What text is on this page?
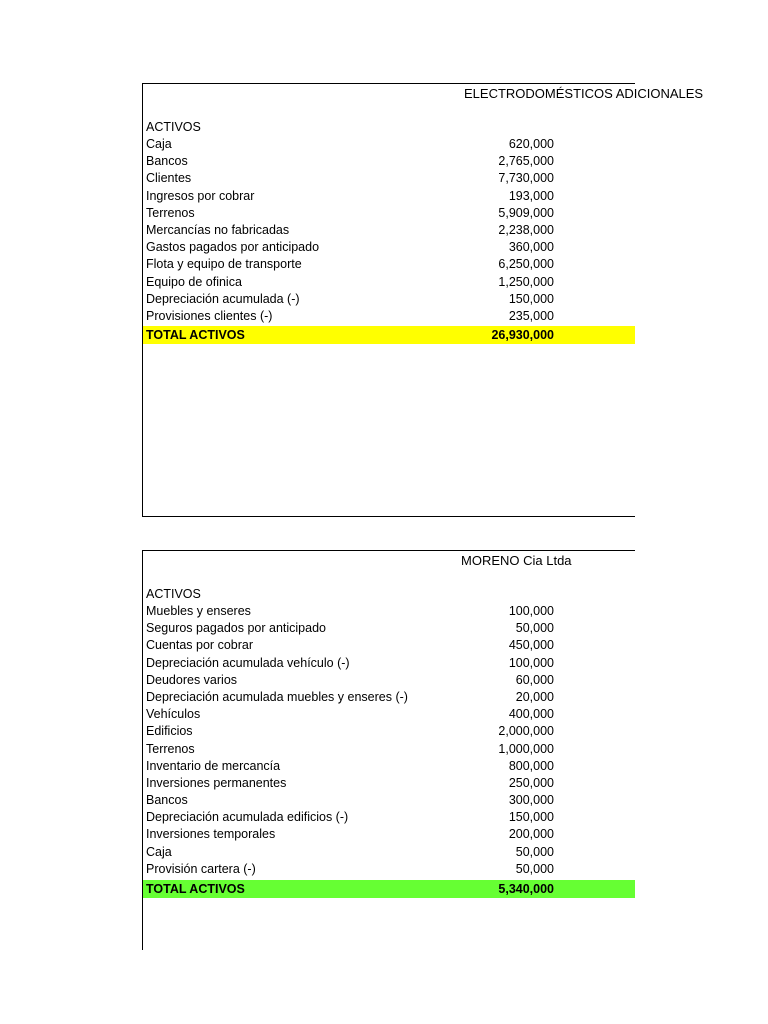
ELECTRODOMÉSTICOS ADICIONALES
ACTIVOS
Caja	620,000
Bancos	2,765,000
Clientes	7,730,000
Ingresos por cobrar	193,000
Terrenos	5,909,000
Mercancías no fabricadas	2,238,000
Gastos pagados por anticipado	360,000
Flota y equipo de transporte	6,250,000
Equipo de ofinica	1,250,000
Depreciación acumulada (-)	150,000
Provisiones clientes (-)	235,000
TOTAL ACTIVOS	26,930,000
MORENO Cia Ltda
ACTIVOS
Muebles y enseres	100,000
Seguros pagados por anticipado	50,000
Cuentas por cobrar	450,000
Depreciación acumulada vehículo (-)	100,000
Deudores varios	60,000
Depreciación acumulada muebles y enseres (-)	20,000
Vehículos	400,000
Edificios	2,000,000
Terrenos	1,000,000
Inventario de mercancía	800,000
Inversiones permanentes	250,000
Bancos	300,000
Depreciación acumulada edificios (-)	150,000
Inversiones temporales	200,000
Caja	50,000
Provisión cartera (-)	50,000
TOTAL ACTIVOS	5,340,000
